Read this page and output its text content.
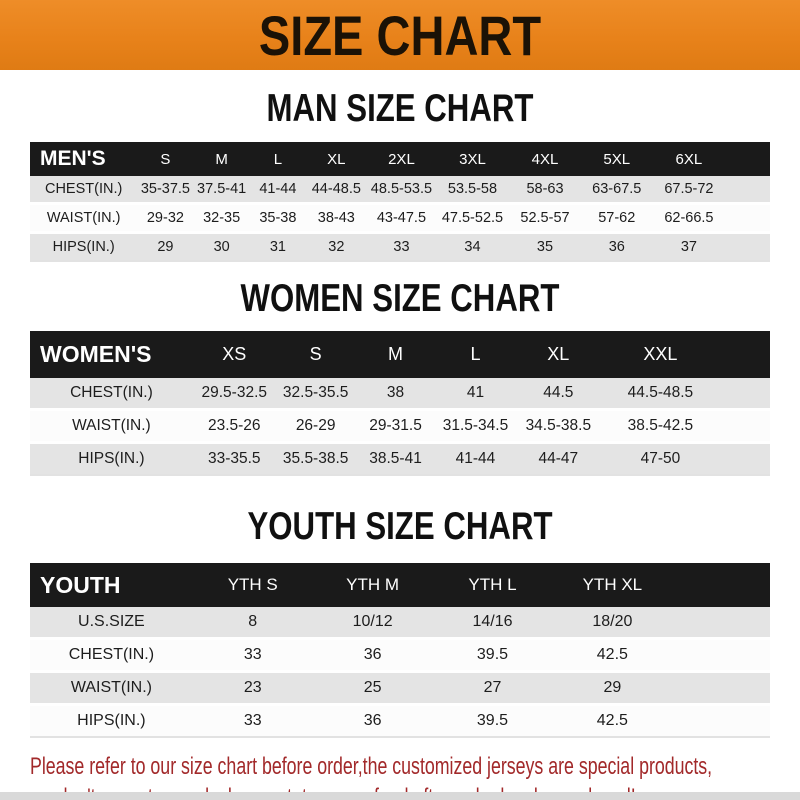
SIZE CHART
MAN SIZE CHART
MEN'S	S	M	L	XL	2XL	3XL	4XL	5XL	6XL	
CHEST(IN.)	35-37.5	37.5-41	41-44	44-48.5	48.5-53.5	53.5-58	58-63	63-67.5	67.5-72	
WAIST(IN.)	29-32	32-35	35-38	38-43	43-47.5	47.5-52.5	52.5-57	57-62	62-66.5	
HIPS(IN.)	29	30	31	32	33	34	35	36	37	
WOMEN SIZE CHART
WOMEN'S	XS	S	M	L	XL	XXL	
CHEST(IN.)	29.5-32.5	32.5-35.5	38	41	44.5	44.5-48.5	
WAIST(IN.)	23.5-26	26-29	29-31.5	31.5-34.5	34.5-38.5	38.5-42.5	
HIPS(IN.)	33-35.5	35.5-38.5	38.5-41	41-44	44-47	47-50	
YOUTH SIZE CHART
YOUTH	YTH S	YTH M	YTH L	YTH XL	
U.S.SIZE	8	10/12	14/16	18/20	
CHEST(IN.)	33	36	39.5	42.5	
WAIST(IN.)	23	25	27	29	
HIPS(IN.)	33	36	39.5	42.5	

Please refer to our size chart before order,the customized jerseys are special products,
